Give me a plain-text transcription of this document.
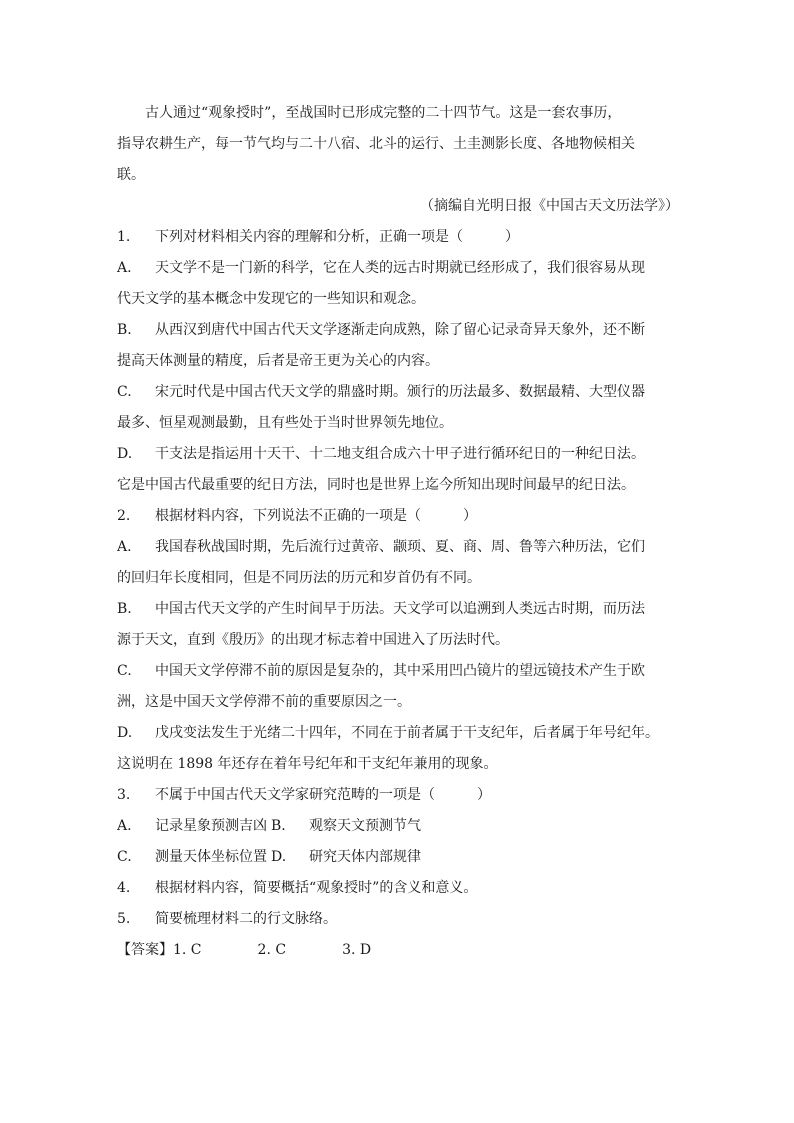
古人通过“观象授时”，至战国时已形成完整的二十四节气。这是一套农事历，
指导农耕生产，每一节气均与二十八宿、北斗的运行、土圭测影长度、各地物候相关
联。
（摘编自光明日报《中国古天文历法学》）
1. 下列对材料相关内容的理解和分析，正确一项是（　　　）
A. 天文学不是一门新的科学，它在人类的远古时期就已经形成了，我们很容易从现
代天文学的基本概念中发现它的一些知识和观念。
B. 从西汉到唐代中国古代天文学逐渐走向成熟，除了留心记录奇异天象外，还不断
提高天体测量的精度，后者是帝王更为关心的内容。
C. 宋元时代是中国古代天文学的鼎盛时期。颁行的历法最多、数据最精、大型仪器
最多、恒星观测最勤，且有些处于当时世界领先地位。
D. 干支法是指运用十天干、十二地支组合成六十甲子进行循环纪日的一种纪日法。
它是中国古代最重要的纪日方法，同时也是世界上迄今所知出现时间最早的纪日法。
2. 根据材料内容，下列说法不正确的一项是（　　　）
A. 我国春秋战国时期，先后流行过黄帝、颛顼、夏、商、周、鲁等六种历法，它们
的回归年长度相同，但是不同历法的历元和岁首仍有不同。
B. 中国古代天文学的产生时间早于历法。天文学可以追溯到人类远古时期，而历法
源于天文，直到《殷历》的出现才标志着中国进入了历法时代。
C. 中国天文学停滞不前的原因是复杂的，其中采用凹凸镜片的望远镜技术产生于欧
洲，这是中国天文学停滞不前的重要原因之一。
D. 戊戌变法发生于光绪二十四年，不同在于前者属于干支纪年，后者属于年号纪年。
这说明在 1898 年还存在着年号纪年和干支纪年兼用的现象。
3. 不属于中国古代天文学家研究范畴的一项是（　　　）
A. 记录星象预测吉凶 B. 观察天文预测节气
C. 测量天体坐标位置 D. 研究天体内部规律
4. 根据材料内容，简要概括“观象授时”的含义和意义。
5. 简要梳理材料二的行文脉络。
【答案】1. C	2. C	3. D
